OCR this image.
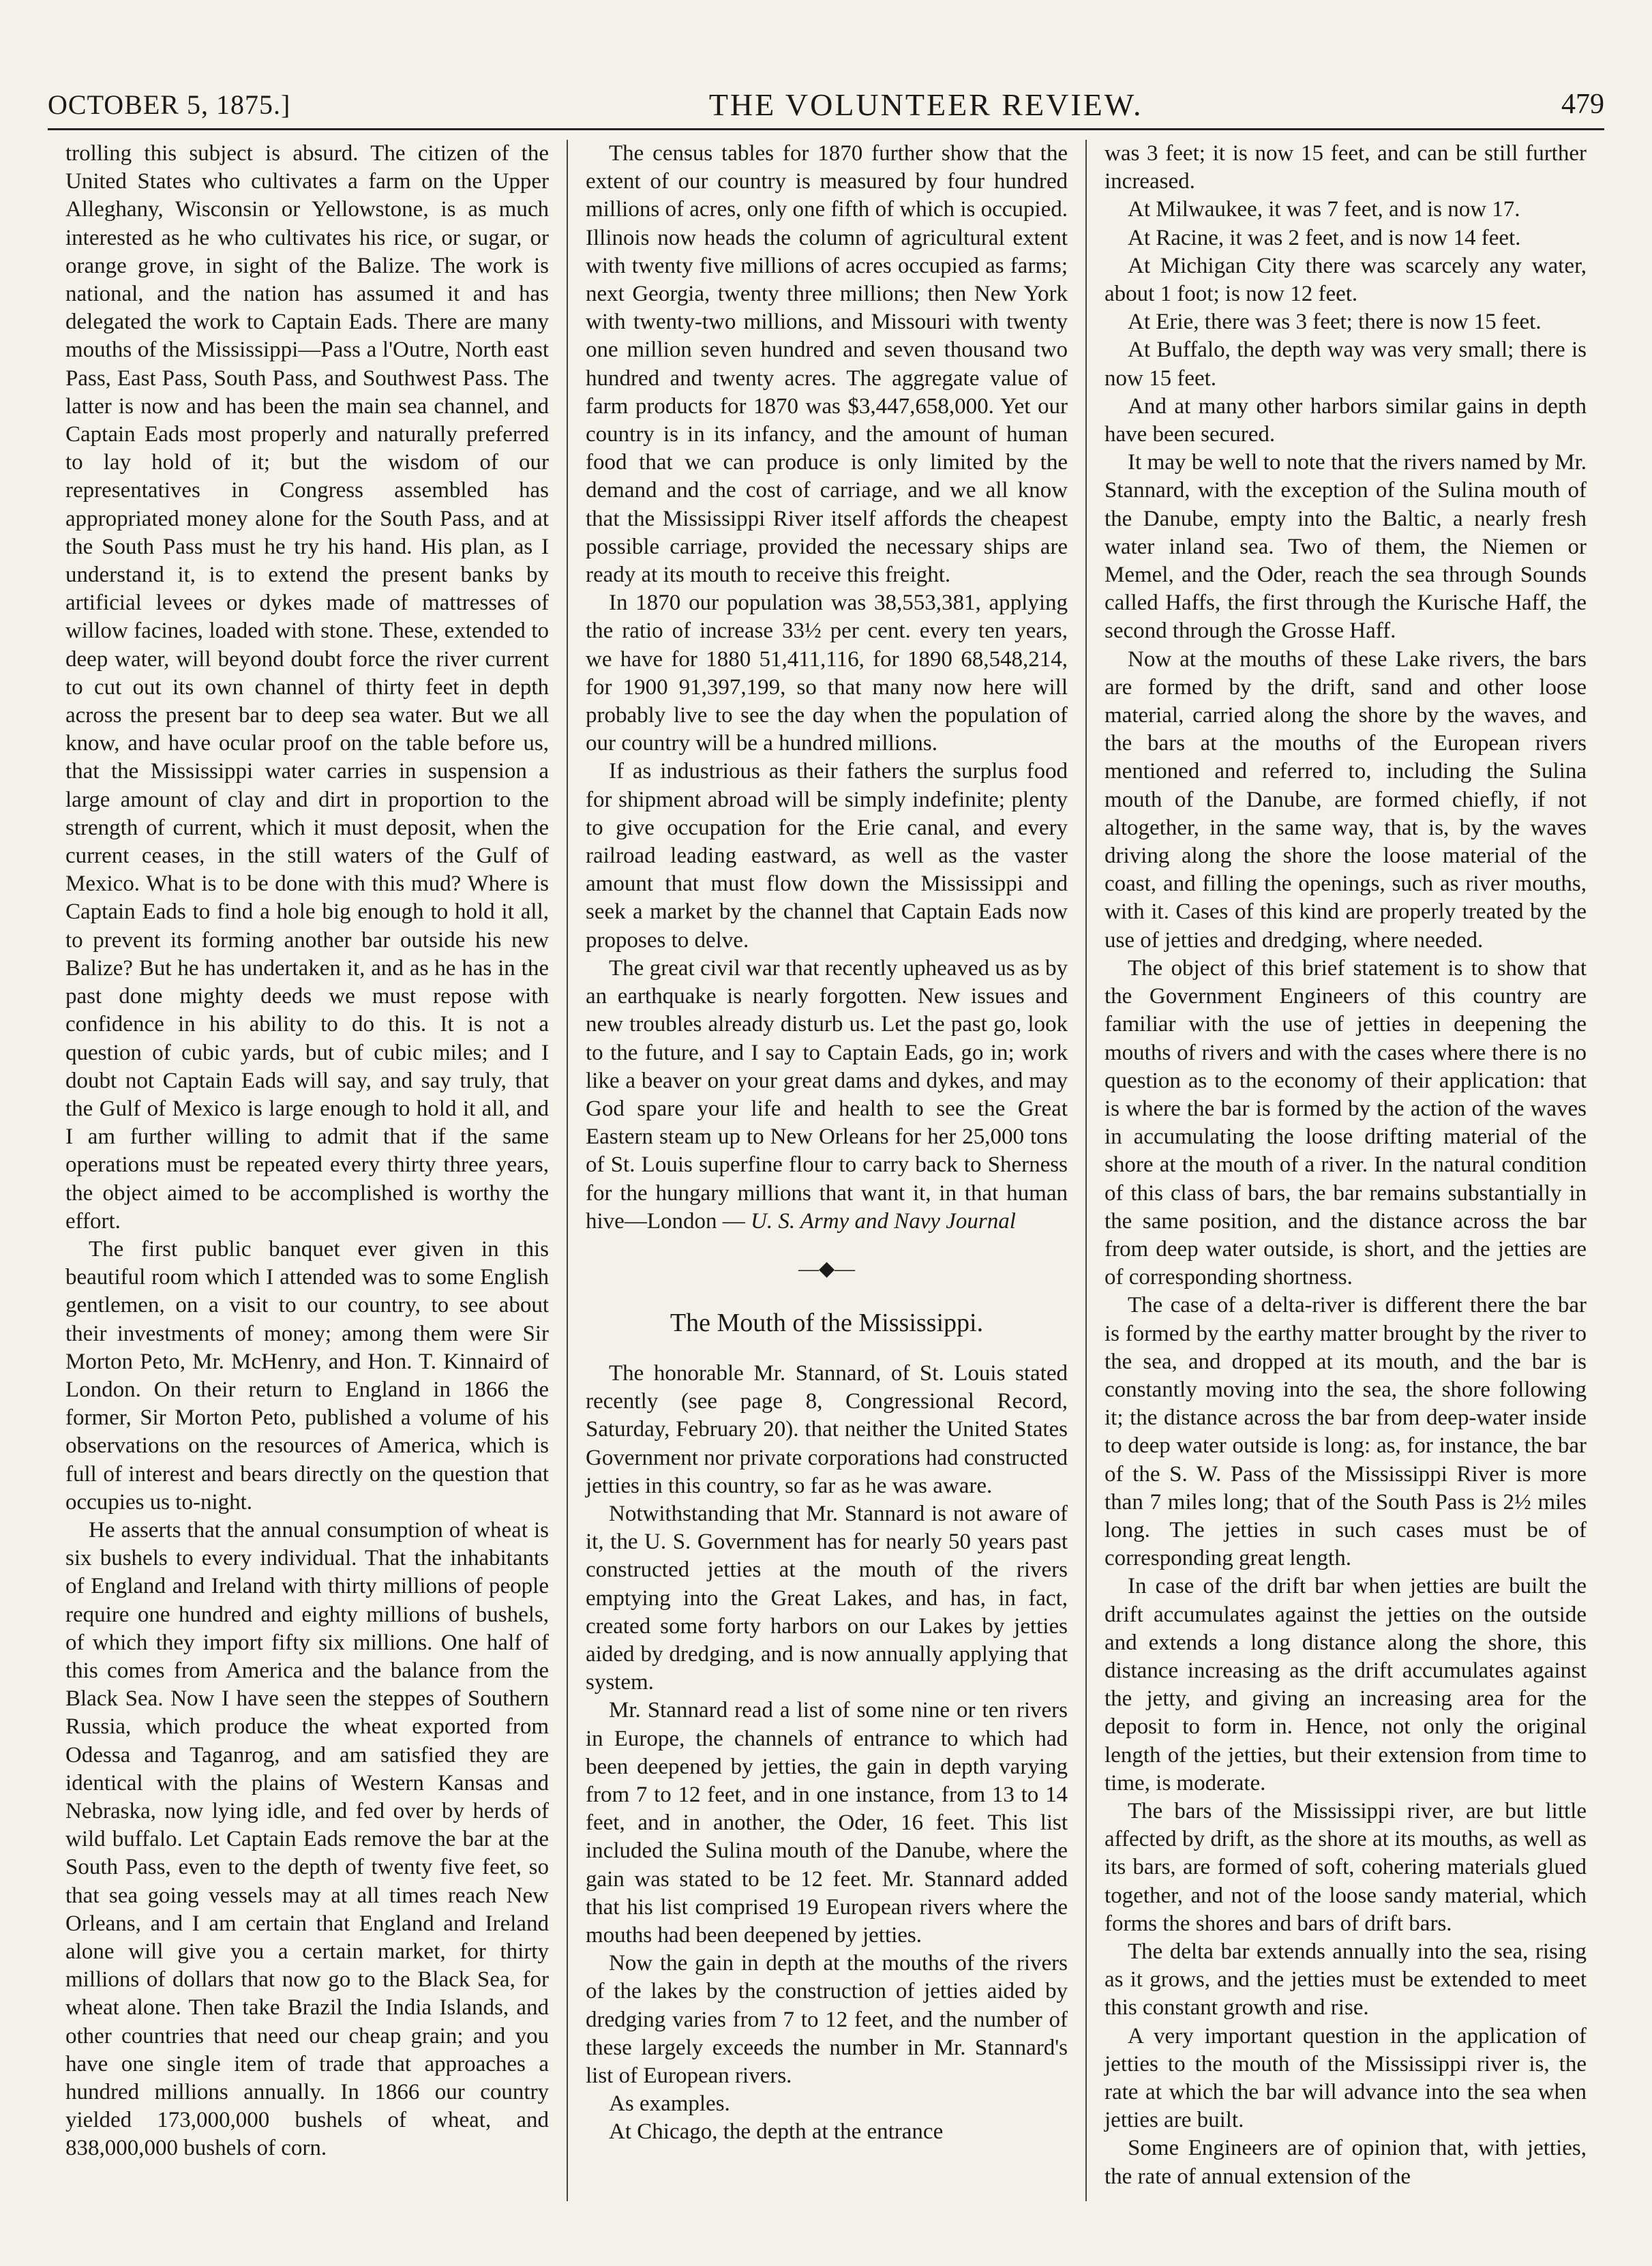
OCTOBER 5, 1875.]	THE VOLUNTEER REVIEW.	479

trolling this subject is absurd. The citizen of the United States who cultivates a farm on the Upper Alleghany, Wisconsin or Yellowstone, is as much interested as he who cultivates his rice, or sugar, or orange grove, in sight of the Balize. The work is national, and the nation has assumed it and has delegated the work to Captain Eads. There are many mouths of the Mississippi—Pass a l'Outre, North east Pass, East Pass, South Pass, and Southwest Pass. The latter is now and has been the main sea channel, and Captain Eads most properly and naturally preferred to lay hold of it; but the wisdom of our representatives in Congress assembled has appropriated money alone for the South Pass, and at the South Pass must he try his hand. His plan, as I understand it, is to extend the present banks by artificial levees or dykes made of mattresses of willow facines, loaded with stone. These, extended to deep water, will beyond doubt force the river current to cut out its own channel of thirty feet in depth across the present bar to deep sea water. But we all know, and have ocular proof on the table before us, that the Mississippi water carries in suspension a large amount of clay and dirt in proportion to the strength of current, which it must deposit, when the current ceases, in the still waters of the Gulf of Mexico. What is to be done with this mud? Where is Captain Eads to find a hole big enough to hold it all, to prevent its forming another bar outside his new Balize? But he has undertaken it, and as he has in the past done mighty deeds we must repose with confidence in his ability to do this. It is not a question of cubic yards, but of cubic miles; and I doubt not Captain Eads will say, and say truly, that the Gulf of Mexico is large enough to hold it all, and I am further willing to admit that if the same operations must be repeated every thirty three years, the object aimed to be accomplished is worthy the effort.

The first public banquet ever given in this beautiful room which I attended was to some English gentlemen, on a visit to our country, to see about their investments of money; among them were Sir Morton Peto, Mr. McHenry, and Hon. T. Kinnaird of London. On their return to England in 1866 the former, Sir Morton Peto, published a volume of his observations on the resources of America, which is full of interest and bears directly on the question that occupies us to-night.

He asserts that the annual consumption of wheat is six bushels to every individual. That the inhabitants of England and Ireland with thirty millions of people require one hundred and eighty millions of bushels, of which they import fifty six millions. One half of this comes from America and the balance from the Black Sea. Now I have seen the steppes of Southern Russia, which produce the wheat exported from Odessa and Taganrog, and am satisfied they are identical with the plains of Western Kansas and Nebraska, now lying idle, and fed over by herds of wild buffalo. Let Captain Eads remove the bar at the South Pass, even to the depth of twenty five feet, so that sea going vessels may at all times reach New Orleans, and I am certain that England and Ireland alone will give you a certain market, for thirty millions of dollars that now go to the Black Sea, for wheat alone. Then take Brazil the India Islands, and other countries that need our cheap grain; and you have one single item of trade that approaches a hundred millions annually. In 1866 our country yielded 173,000,000 bushels of wheat, and 838,000,000 bushels of corn.

The census tables for 1870 further show that the extent of our country is measured by four hundred millions of acres, only one fifth of which is occupied. Illinois now heads the column of agricultural extent with twenty five millions of acres occupied as farms; next Georgia, twenty three millions; then New York with twenty-two millions, and Missouri with twenty one million seven hundred and seven thousand two hundred and twenty acres. The aggregate value of farm products for 1870 was $3,447,658,000. Yet our country is in its infancy, and the amount of human food that we can produce is only limited by the demand and the cost of carriage, and we all know that the Mississippi River itself affords the cheapest possible carriage, provided the necessary ships are ready at its mouth to receive this freight.

In 1870 our population was 38,553,381, applying the ratio of increase 33½ per cent. every ten years, we have for 1880 51,411,116, for 1890 68,548,214, for 1900 91,397,199, so that many now here will probably live to see the day when the population of our country will be a hundred millions.

If as industrious as their fathers the surplus food for shipment abroad will be simply indefinite; plenty to give occupation for the Erie canal, and every railroad leading eastward, as well as the vaster amount that must flow down the Mississippi and seek a market by the channel that Captain Eads now proposes to delve.

The great civil war that recently upheaved us as by an earthquake is nearly forgotten. New issues and new troubles already disturb us. Let the past go, look to the future, and I say to Captain Eads, go in; work like a beaver on your great dams and dykes, and may God spare your life and health to see the Great Eastern steam up to New Orleans for her 25,000 tons of St. Louis superfine flour to carry back to Sherness for the hungary millions that want it, in that human hive—London — U. S. Army and Navy Journal

—◆—
The Mouth of the Mississippi.

The honorable Mr. Stannard, of St. Louis stated recently (see page 8, Congressional Record, Saturday, February 20). that neither the United States Government nor private corporations had constructed jetties in this country, so far as he was aware.

Notwithstanding that Mr. Stannard is not aware of it, the U. S. Government has for nearly 50 years past constructed jetties at the mouth of the rivers emptying into the Great Lakes, and has, in fact, created some forty harbors on our Lakes by jetties aided by dredging, and is now annually applying that system.

Mr. Stannard read a list of some nine or ten rivers in Europe, the channels of entrance to which had been deepened by jetties, the gain in depth varying from 7 to 12 feet, and in one instance, from 13 to 14 feet, and in another, the Oder, 16 feet. This list included the Sulina mouth of the Danube, where the gain was stated to be 12 feet. Mr. Stannard added that his list comprised 19 European rivers where the mouths had been deepened by jetties.

Now the gain in depth at the mouths of the rivers of the lakes by the construction of jetties aided by dredging varies from 7 to 12 feet, and the number of these largely exceeds the number in Mr. Stannard's list of European rivers.

As examples.

At Chicago, the depth at the entrance

was 3 feet; it is now 15 feet, and can be still further increased.

At Milwaukee, it was 7 feet, and is now 17.

At Racine, it was 2 feet, and is now 14 feet.

At Michigan City there was scarcely any water, about 1 foot; is now 12 feet.

At Erie, there was 3 feet; there is now 15 feet.

At Buffalo, the depth way was very small; there is now 15 feet.

And at many other harbors similar gains in depth have been secured.

It may be well to note that the rivers named by Mr. Stannard, with the exception of the Sulina mouth of the Danube, empty into the Baltic, a nearly fresh water inland sea. Two of them, the Niemen or Memel, and the Oder, reach the sea through Sounds called Haffs, the first through the Kurische Haff, the second through the Grosse Haff.

Now at the mouths of these Lake rivers, the bars are formed by the drift, sand and other loose material, carried along the shore by the waves, and the bars at the mouths of the European rivers mentioned and referred to, including the Sulina mouth of the Danube, are formed chiefly, if not altogether, in the same way, that is, by the waves driving along the shore the loose material of the coast, and filling the openings, such as river mouths, with it. Cases of this kind are properly treated by the use of jetties and dredging, where needed.

The object of this brief statement is to show that the Government Engineers of this country are familiar with the use of jetties in deepening the mouths of rivers and with the cases where there is no question as to the economy of their application: that is where the bar is formed by the action of the waves in accumulating the loose drifting material of the shore at the mouth of a river. In the natural condition of this class of bars, the bar remains substantially in the same position, and the distance across the bar from deep water outside, is short, and the jetties are of corresponding shortness.

The case of a delta-river is different there the bar is formed by the earthy matter brought by the river to the sea, and dropped at its mouth, and the bar is constantly moving into the sea, the shore following it; the distance across the bar from deep-water inside to deep water outside is long: as, for instance, the bar of the S. W. Pass of the Mississippi River is more than 7 miles long; that of the South Pass is 2½ miles long. The jetties in such cases must be of corresponding great length.

In case of the drift bar when jetties are built the drift accumulates against the jetties on the outside and extends a long distance along the shore, this distance increasing as the drift accumulates against the jetty, and giving an increasing area for the deposit to form in. Hence, not only the original length of the jetties, but their extension from time to time, is moderate.

The bars of the Mississippi river, are but little affected by drift, as the shore at its mouths, as well as its bars, are formed of soft, cohering materials glued together, and not of the loose sandy material, which forms the shores and bars of drift bars.

The delta bar extends annually into the sea, rising as it grows, and the jetties must be extended to meet this constant growth and rise.

A very important question in the application of jetties to the mouth of the Mississippi river is, the rate at which the bar will advance into the sea when jetties are built.

Some Engineers are of opinion that, with jetties, the rate of annual extension of the
